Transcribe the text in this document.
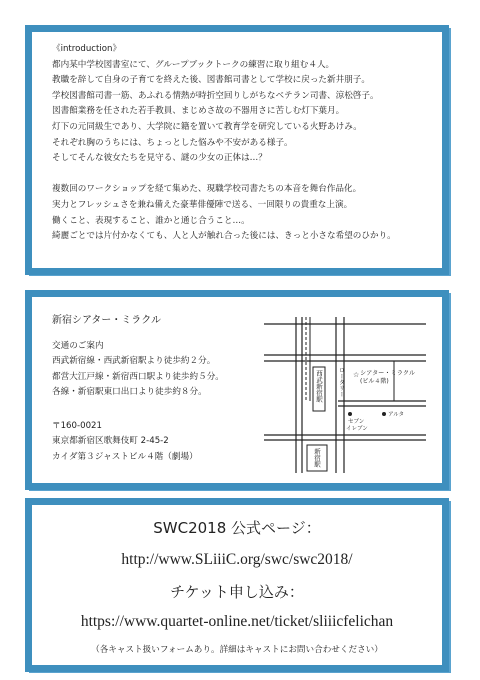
《introduction》
都内某中学校図書室にて、グループブックトークの練習に取り組む４人。
教職を辞して自身の子育てを終えた後、図書館司書として学校に戻った新井朋子。
学校図書館司書一筋、あふれる情熱が時折空回りしがちなベテラン司書、涼松啓子。
図書館業務を任された若手教員、まじめさ故の不器用さに苦しむ灯下葉月。
灯下の元同級生であり、大学院に籍を置いて教育学を研究している火野あけみ。
それぞれ胸のうちには、ちょっとした悩みや不安がある様子。
そしてそんな彼女たちを見守る、謎の少女の正体は…？
複数回のワークショップを経て集めた、現職学校司書たちの本音を舞台作品化。
実力とフレッシュさを兼ね備えた豪華俳優陣で送る、一回限りの貴重な上演。
働くこと、表現すること、誰かと通じ合うこと…。
綺麗ごとでは片付かなくても、人と人が触れ合った後には、きっと小さな希望のひかり。
新宿シアター・ミラクル
交通のご案内
西武新宿線・西武新宿駅より徒歩約２分。
都営大江戸線・新宿西口駅より徒歩約５分。
各線・新宿駅東口出口より徒歩約８分。
〒160-0021
東京都新宿区歌舞伎町 2-45-2
カイダ第３ジャストビル４階（劇場）
西武新宿駅
新宿駅
ロータリー ☆ シアター・ミラクル
(ビル４階)
セブン
イレブン
アルタ
SWC2018 公式ページ：
http://www.SLiiiC.org/swc/swc2018/
チケット申し込み：
https://www.quartet-online.net/ticket/sliiicfelichan
（各キャスト扱いフォームあり。詳細はキャストにお問い合わせください）
